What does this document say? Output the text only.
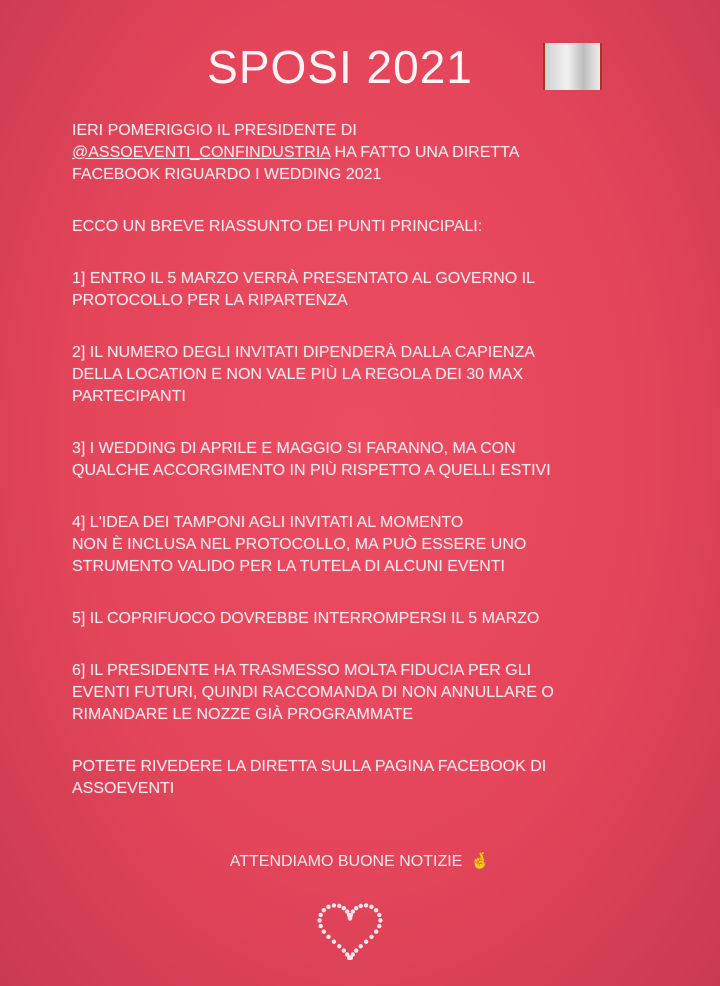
SPOSI 2021
IERI POMERIGGIO IL PRESIDENTE DI
@ASSOEVENTI_CONFINDUSTRIA HA FATTO UNA DIRETTA
FACEBOOK RIGUARDO I WEDDING 2021
ECCO UN BREVE RIASSUNTO DEI PUNTI PRINCIPALI:
1] ENTRO IL 5 MARZO VERRÀ PRESENTATO AL GOVERNO IL
PROTOCOLLO PER LA RIPARTENZA
2] IL NUMERO DEGLI INVITATI DIPENDERÀ DALLA CAPIENZA
DELLA LOCATION E NON VALE PIÙ LA REGOLA DEI 30 MAX
PARTECIPANTI
3] I WEDDING DI APRILE E MAGGIO SI FARANNO, MA CON
QUALCHE ACCORGIMENTO IN PIÙ RISPETTO A QUELLI ESTIVI
4] L'IDEA DEI TAMPONI AGLI INVITATI AL MOMENTO
NON È INCLUSA NEL PROTOCOLLO, MA PUÒ ESSERE UNO
STRUMENTO VALIDO PER LA TUTELA DI ALCUNI EVENTI
5] IL COPRIFUOCO DOVREBBE INTERROMPERSI IL 5 MARZO
6] IL PRESIDENTE HA TRASMESSO MOLTA FIDUCIA PER GLI
EVENTI FUTURI, QUINDI RACCOMANDA DI NON ANNULLARE O
RIMANDARE LE NOZZE GIÀ PROGRAMMATE
POTETE RIVEDERE LA DIRETTA SULLA PAGINA FACEBOOK DI
ASSOEVENTI
ATTENDIAMO BUONE NOTIZIE 🤞
